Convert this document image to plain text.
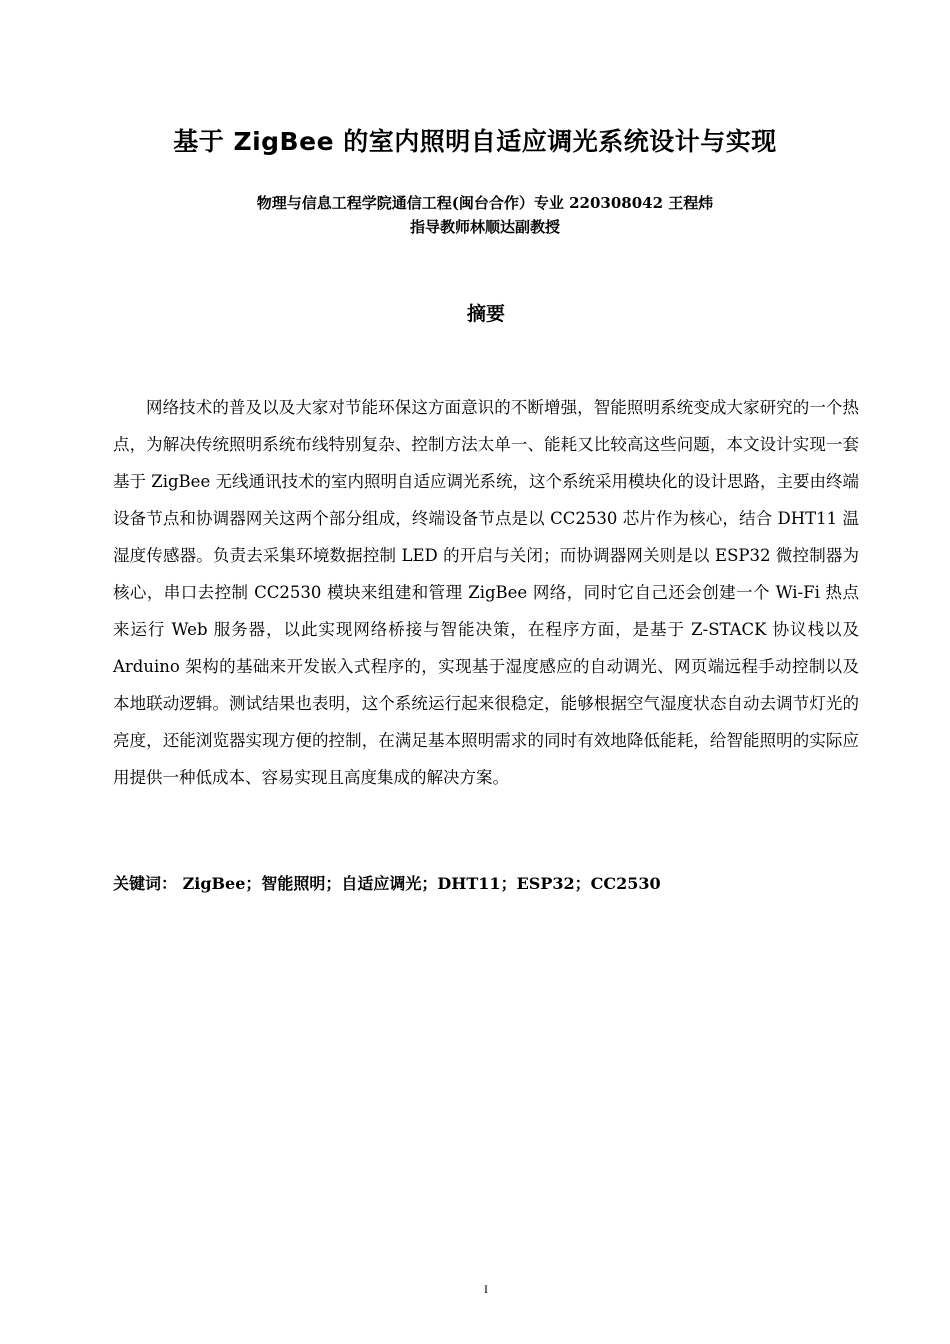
基于 ZigBee 的室内照明自适应调光系统设计与实现
物理与信息工程学院通信工程(闽台合作）专业 220308042 王程炜
指导教师林顺达副教授
摘要
网络技术的普及以及大家对节能环保这方面意识的不断增强，智能照明系统变成大家研究的一个热点，为解决传统照明系统布线特别复杂、控制方法太单一、能耗又比较高这些问题，本文设计实现一套基于 ZigBee 无线通讯技术的室内照明自适应调光系统，这个系统采用模块化的设计思路，主要由终端设备节点和协调器网关这两个部分组成，终端设备节点是以 CC2530 芯片作为核心，结合 DHT11 温湿度传感器。负责去采集环境数据控制 LED 的开启与关闭；而协调器网关则是以 ESP32 微控制器为核心，串口去控制 CC2530 模块来组建和管理 ZigBee 网络，同时它自己还会创建一个 Wi-Fi 热点来运行 Web 服务器，以此实现网络桥接与智能决策，在程序方面，是基于 Z-STACK 协议栈以及 Arduino 架构的基础来开发嵌入式程序的，实现基于湿度感应的自动调光、网页端远程手动控制以及本地联动逻辑。测试结果也表明，这个系统运行起来很稳定，能够根据空气湿度状态自动去调节灯光的亮度，还能浏览器实现方便的控制，在满足基本照明需求的同时有效地降低能耗，给智能照明的实际应用提供一种低成本、容易实现且高度集成的解决方案。
关键词： ZigBee；智能照明；自适应调光；DHT11；ESP32；CC2530
I
